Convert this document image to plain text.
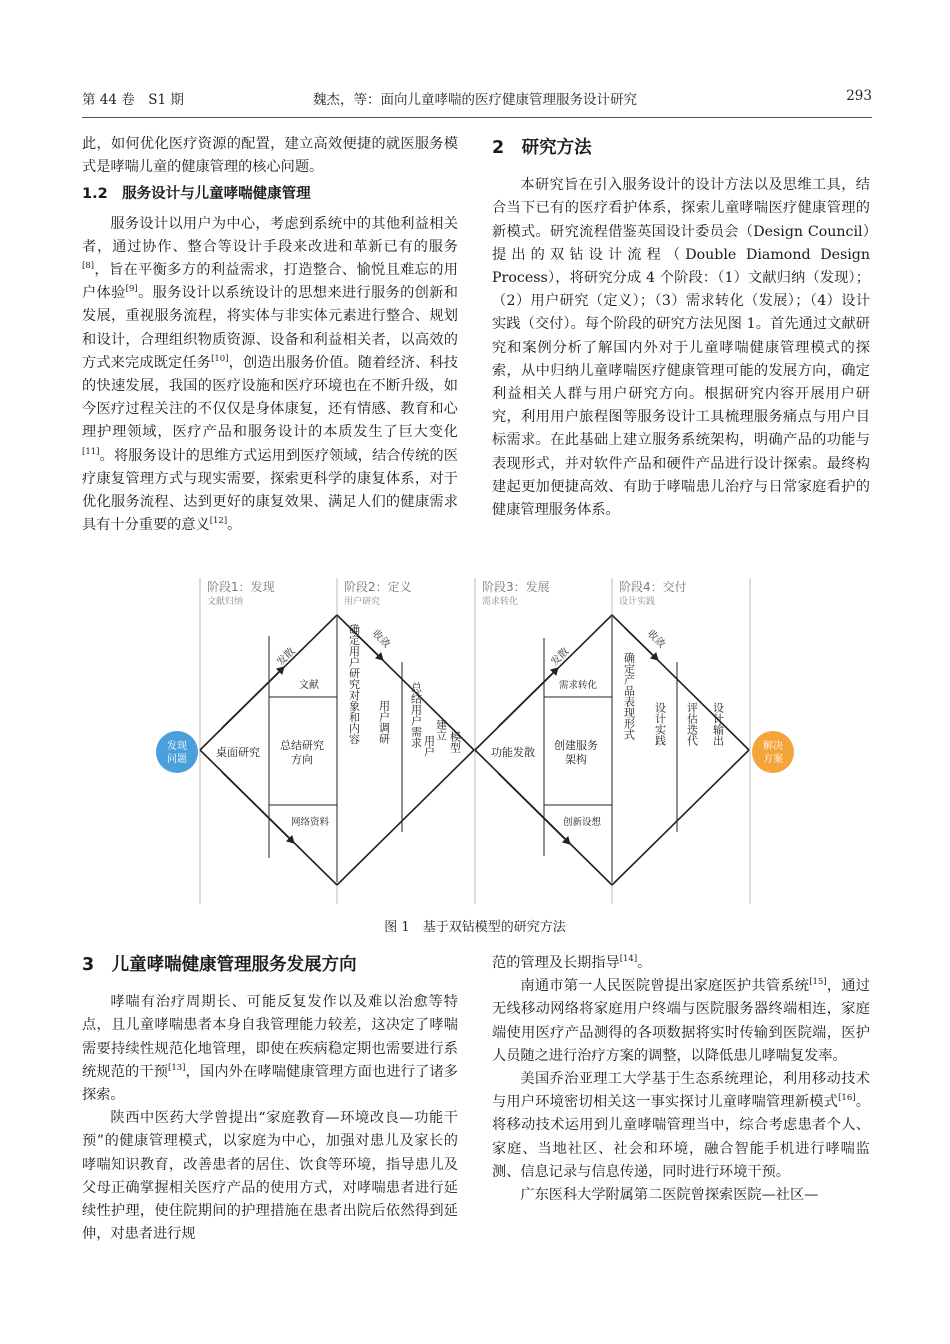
第 44 卷　S1 期	魏杰，等：面向儿童哮喘的医疗健康管理服务设计研究	293

此，如何优化医疗资源的配置，建立高效便捷的就医服务模式是哮喘儿童的健康管理的核心问题。

1.2　服务设计与儿童哮喘健康管理

服务设计以用户为中心，考虑到系统中的其他利益相关者，通过协作、整合等设计手段来改进和革新已有的服务[8]，旨在平衡多方的利益需求，打造整合、愉悦且难忘的用户体验[9]。服务设计以系统设计的思想来进行服务的创新和发展，重视服务流程，将实体与非实体元素进行整合、规划和设计，合理组织物质资源、设备和利益相关者，以高效的方式来完成既定任务[10]，创造出服务价值。随着经济、科技的快速发展，我国的医疗设施和医疗环境也在不断升级，如今医疗过程关注的不仅仅是身体康复，还有情感、教育和心理护理领域，医疗产品和服务设计的本质发生了巨大变化[11]。将服务设计的思维方式运用到医疗领域，结合传统的医疗康复管理方式与现实需要，探索更科学的康复体系，对于优化服务流程、达到更好的康复效果、满足人们的健康需求具有十分重要的意义[12]。

2　研究方法

本研究旨在引入服务设计的设计方法以及思维工具，结合当下已有的医疗看护体系，探索儿童哮喘医疗健康管理的新模式。研究流程借鉴英国设计委员会（Design Council）提出的双钻设计流程（Double Diamond Design Process），将研究分成 4 个阶段：（1）文献归纳（发现）；（2）用户研究（定义）；（3）需求转化（发展）；（4）设计实践（交付）。每个阶段的研究方法见图 1。首先通过文献研究和案例分析了解国内外对于儿童哮喘健康管理模式的探索，从中归纳儿童哮喘医疗健康管理可能的发展方向，确定利益相关人群与用户研究方向。根据研究内容开展用户研究，利用用户旅程图等服务设计工具梳理服务痛点与用户目标需求。在此基础上建立服务系统架构，明确产品的功能与表现形式，并对软件产品和硬件产品进行设计探索。最终构建起更加便捷高效、有助于哮喘患儿治疗与日常家庭看护的健康管理服务体系。

阶段1：发现
文献归纳
阶段2：定义
用户研究
阶段3：发展
需求转化
阶段4：交付
设计实践
发散
收敛
发散
收敛
发现
问题
解决
方案
桌面研究
文献
总结研究
方向
网络资料
确定用户研究对象和内容 用户调研 总结用户需求 建立
用户 模型	功能发散
需求转化
创建服务
架构
创新设想
确定产品表现形式 设计实践 评估迭代 设计输出
图 1　基于双钻模型的研究方法

3　儿童哮喘健康管理服务发展方向

哮喘有治疗周期长、可能反复发作以及难以治愈等特点，且儿童哮喘患者本身自我管理能力较差，这决定了哮喘需要持续性规范化地管理，即使在疾病稳定期也需要进行系统规范的干预[13]，国内外在哮喘健康管理方面也进行了诸多探索。

陕西中医药大学曾提出“家庭教育—环境改良—功能干预”的健康管理模式，以家庭为中心，加强对患儿及家长的哮喘知识教育，改善患者的居住、饮食等环境，指导患儿及父母正确掌握相关医疗产品的使用方式，对哮喘患者进行延续性护理，使住院期间的护理措施在患者出院后依然得到延伸，对患者进行规

范的管理及长期指导[14]。

南通市第一人民医院曾提出家庭医护共管系统[15]，通过无线移动网络将家庭用户终端与医院服务器终端相连，家庭端使用医疗产品测得的各项数据将实时传输到医院端，医护人员随之进行治疗方案的调整，以降低患儿哮喘复发率。

美国乔治亚理工大学基于生态系统理论，利用移动技术与用户环境密切相关这一事实探讨儿童哮喘管理新模式[16]。将移动技术运用到儿童哮喘管理当中，综合考虑患者个人、家庭、当地社区、社会和环境，融合智能手机进行哮喘监测、信息记录与信息传递，同时进行环境干预。

广东医科大学附属第二医院曾探索医院—社区—
